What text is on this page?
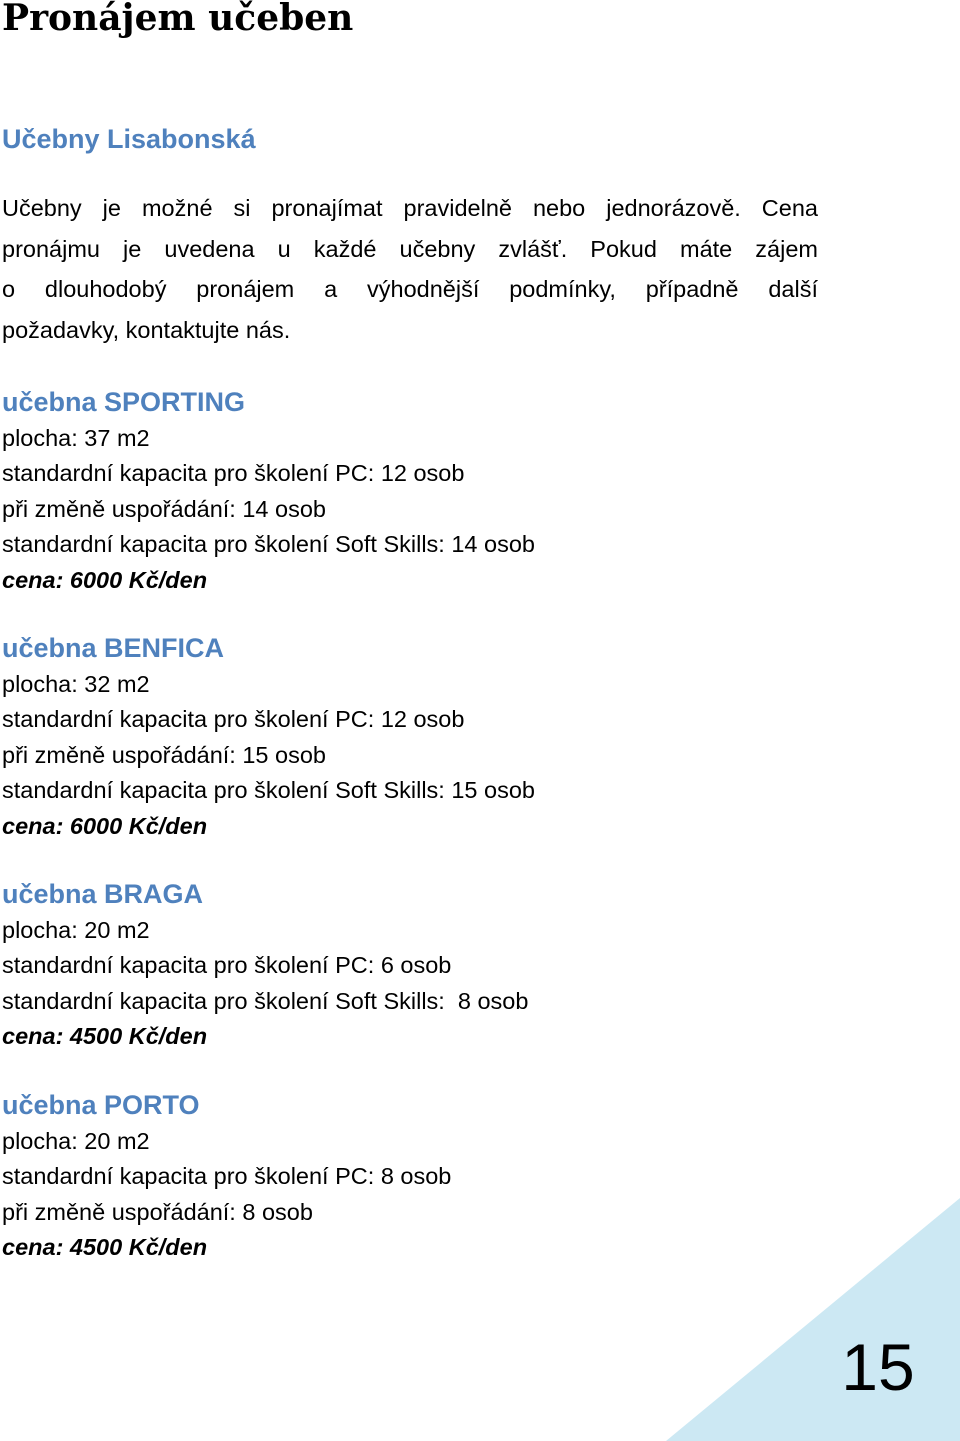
Pronájem učeben
Učebny Lisabonská
Učebny je možné si pronajímat pravidelně nebo jednorázově. Cena
pronájmu je uvedena u každé učebny zvlášť. Pokud máte zájem
o dlouhodobý pronájem a výhodnější podmínky, případně další
požadavky, kontaktujte nás.
učebna SPORTING
plocha: 37 m2
standardní kapacita pro školení PC: 12 osob
při změně uspořádání: 14 osob
standardní kapacita pro školení Soft Skills: 14 osob
cena: 6000 Kč/den
učebna BENFICA
plocha: 32 m2
standardní kapacita pro školení PC: 12 osob
při změně uspořádání: 15 osob
standardní kapacita pro školení Soft Skills: 15 osob
cena: 6000 Kč/den
učebna BRAGA
plocha: 20 m2
standardní kapacita pro školení PC: 6 osob
standardní kapacita pro školení Soft Skills:  8 osob
cena: 4500 Kč/den
učebna PORTO
plocha: 20 m2
standardní kapacita pro školení PC: 8 osob
při změně uspořádání: 8 osob
cena: 4500 Kč/den
15
